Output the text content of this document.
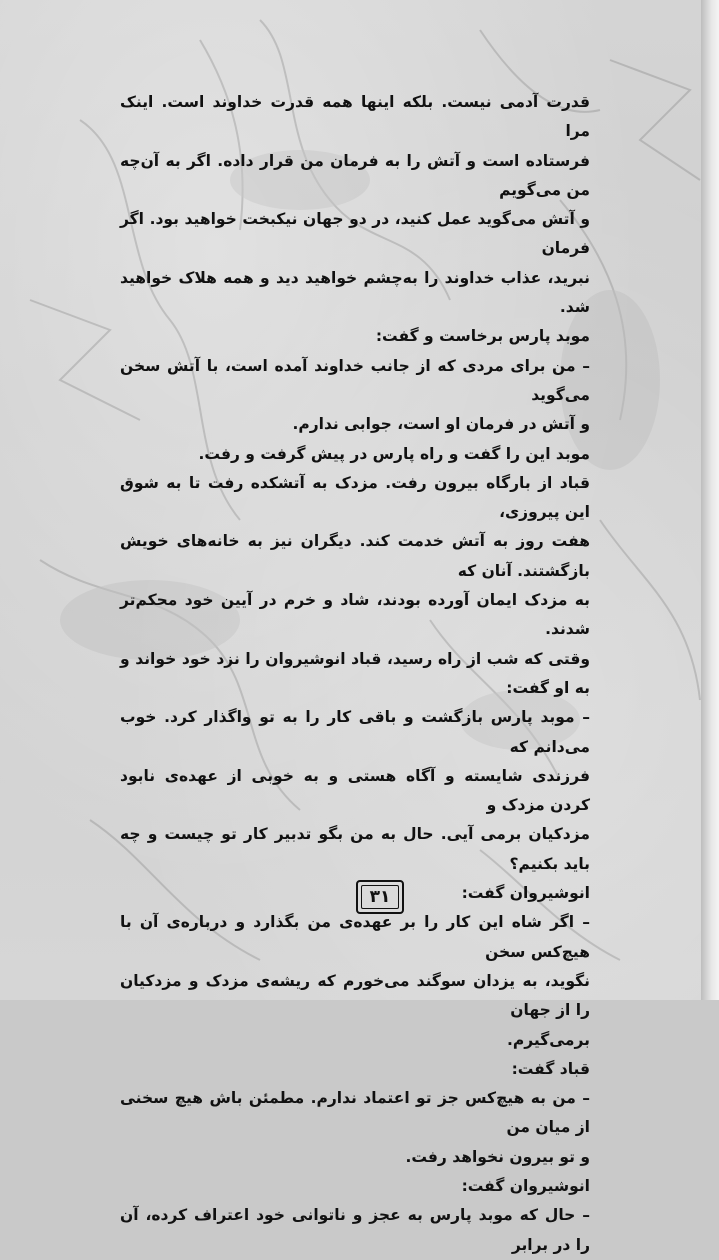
قدرت آدمی نیست. بلکه اینها همه قدرت خداوند است. اینک مرا

فرستاده است و آتش را به فرمان من قرار داده. اگر به آن‌چه من می‌گویم

و آتش می‌گوید عمل کنید، در دو جهان نیکبخت خواهید بود. اگر فرمان

نبرید، عذاب خداوند را به‌چشم خواهید دید و همه هلاک خواهید شد.

موبد پارس برخاست و گفت:

– من برای مردی که از جانب خداوند آمده است، با آتش سخن می‌گوید

و آتش در فرمان او است، جوابی ندارم.

موبد این را گفت و راه پارس در پیش گرفت و رفت.

قباد از بارگاه بیرون رفت. مزدک به آتشکده رفت تا به شوق این پیروزی،

هفت روز به آتش خدمت کند. دیگران نیز به خانه‌های خویش بازگشتند. آنان که

به مزدک ایمان آورده بودند، شاد و خرم در آیین خود محکم‌تر شدند.

وقتی که شب از راه رسید، قباد انوشیروان را نزد خود خواند و به او گفت:

– موبد پارس بازگشت و باقی کار را به تو واگذار کرد. خوب می‌دانم که

فرزندی شایسته و آگاه هستی و به خوبی از عهده‌ی نابود کردن مزدک و

مزدکیان برمی آیی. حال به من بگو تدبیر کار تو چیست و چه باید بکنیم؟

انوشیروان گفت:

– اگر شاه این کار را بر عهده‌ی من بگذارد و درباره‌ی آن با هیچ‌کس سخن

نگوید، به یزدان سوگند می‌خورم که ریشه‌ی مزدک و مزدکیان را از جهان

برمی‌گیرم.

قباد گفت:

– من به هیچ‌کس جز تو اعتماد ندارم. مطمئن باش هیچ سخنی از میان من

و تو بیرون نخواهد رفت.

انوشیروان گفت:

– حال که موبد پارس به عجز و ناتوانی خود اعتراف کرده، آن را در برابر

۳۱
